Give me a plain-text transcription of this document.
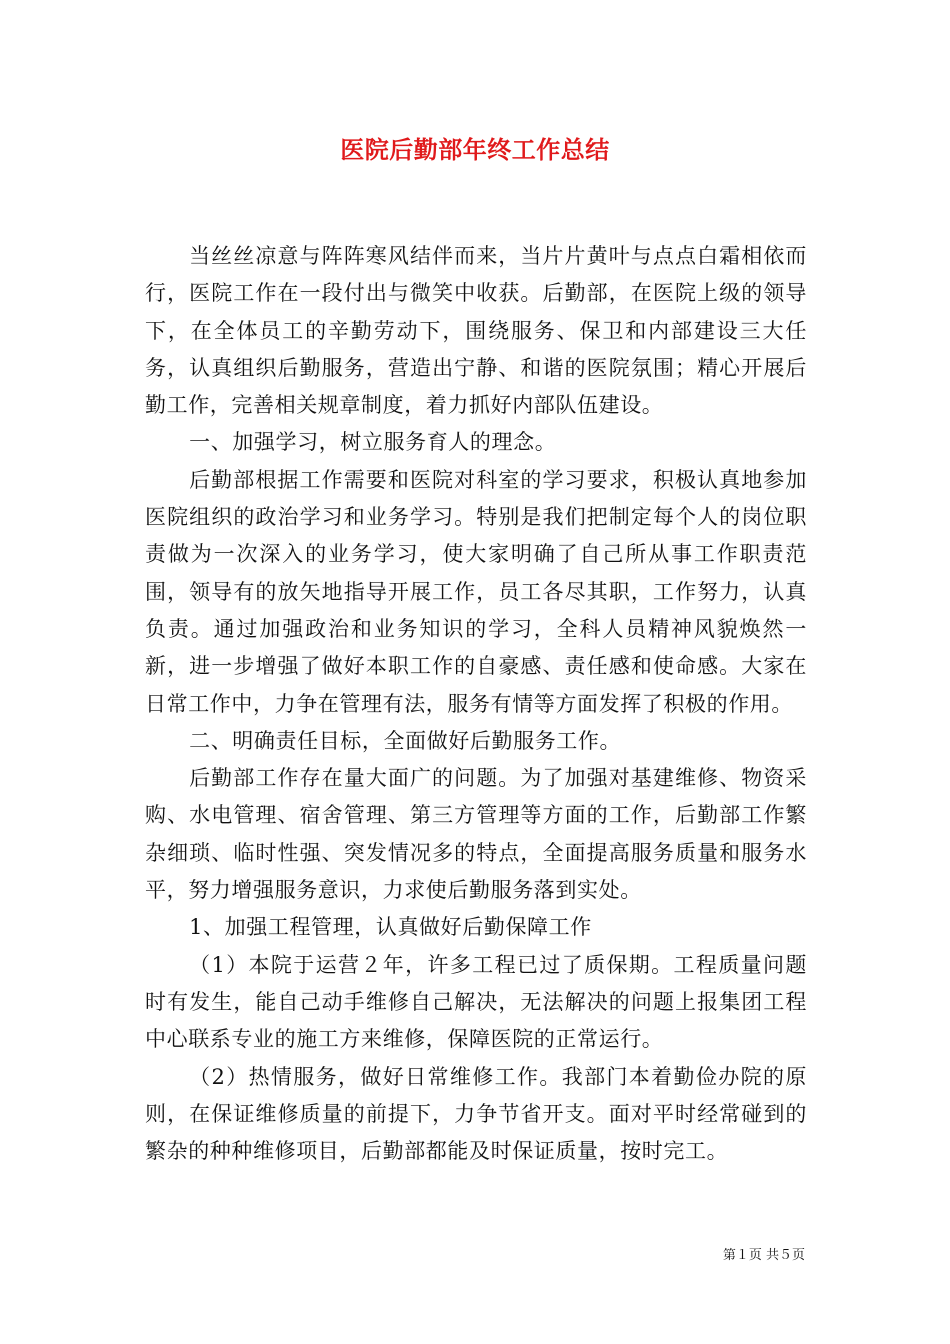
医院后勤部年终工作总结

当丝丝凉意与阵阵寒风结伴而来，当片片黄叶与点点白霜相依而行，医院工作在一段付出与微笑中收获。后勤部，在医院上级的领导下，在全体员工的辛勤劳动下，围绕服务、保卫和内部建设三大任务，认真组织后勤服务，营造出宁静、和谐的医院氛围；精心开展后勤工作，完善相关规章制度，着力抓好内部队伍建设。

一、加强学习，树立服务育人的理念。

后勤部根据工作需要和医院对科室的学习要求，积极认真地参加医院组织的政治学习和业务学习。特别是我们把制定每个人的岗位职责做为一次深入的业务学习，使大家明确了自己所从事工作职责范围，领导有的放矢地指导开展工作，员工各尽其职，工作努力，认真负责。通过加强政治和业务知识的学习，全科人员精神风貌焕然一新，进一步增强了做好本职工作的自豪感、责任感和使命感。大家在日常工作中，力争在管理有法，服务有情等方面发挥了积极的作用。

二、明确责任目标，全面做好后勤服务工作。

后勤部工作存在量大面广的问题。为了加强对基建维修、物资采购、水电管理、宿舍管理、第三方管理等方面的工作，后勤部工作繁杂细琐、临时性强、突发情况多的特点，全面提高服务质量和服务水平，努力增强服务意识，力求使后勤服务落到实处。

1、加强工程管理，认真做好后勤保障工作

（1）本院于运营２年，许多工程已过了质保期。工程质量问题时有发生，能自己动手维修自己解决，无法解决的问题上报集团工程中心联系专业的施工方来维修，保障医院的正常运行。

（2）热情服务，做好日常维修工作。我部门本着勤俭办院的原则，在保证维修质量的前提下，力争节省开支。面对平时经常碰到的繁杂的种种维修项目，后勤部都能及时保证质量，按时完工。

第１页 共５页
